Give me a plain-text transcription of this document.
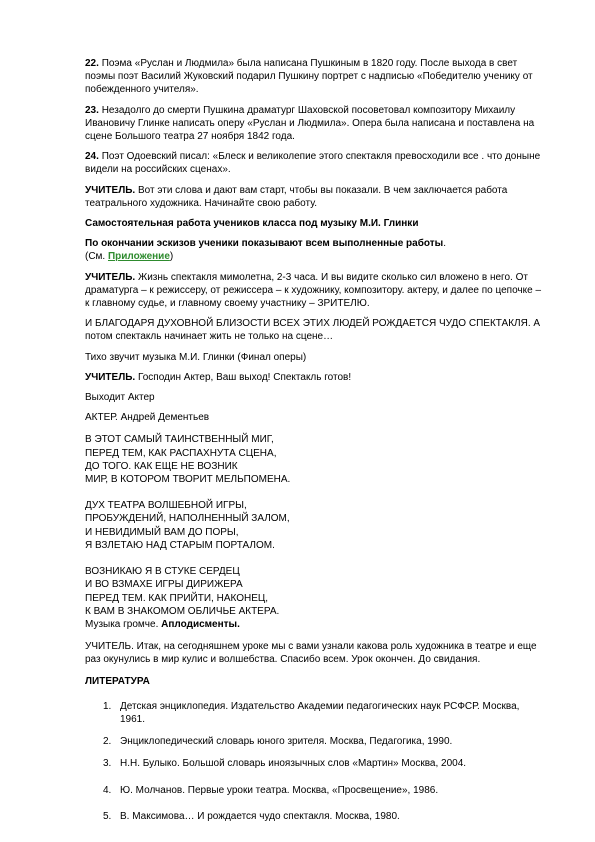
22. Поэма «Руслан и Людмила» была написана Пушкиным в 1820 году. После выхода в свет поэмы поэт Василий Жуковский подарил Пушкину портрет с надписью «Победителю ученику от побежденного учителя».

23. Незадолго до смерти Пушкина драматург Шаховской посоветовал композитору Михаилу Ивановичу Глинке написать оперу «Руслан и Людмила». Опера была написана и поставлена на сцене Большого театра 27 ноября 1842 года.

24. Поэт Одоевский писал: «Блеск и великолепие этого спектакля превосходили все . что доныне видели на российских сценах».

УЧИТЕЛЬ. Вот эти слова и дают вам старт, чтобы вы показали. В чем заключается работа театрального художника. Начинайте свою работу.

Самостоятельная работа учеников класса под музыку М.И. Глинки

По окончании эскизов ученики показывают всем выполненные работы.

(См. Приложение)

УЧИТЕЛЬ. Жизнь спектакля мимолетна, 2-3 часа. И вы видите сколько сил вложено в него. От драматурга – к режиссеру, от режиссера – к художнику, композитору. актеру, и далее по цепочке – к главному судье, и главному своему участнику – ЗРИТЕЛЮ.

И БЛАГОДАРЯ ДУХОВНОЙ БЛИЗОСТИ ВСЕХ ЭТИХ ЛЮДЕЙ РОЖДАЕТСЯ ЧУДО СПЕКТАКЛЯ. А потом спектакль начинает жить не только на сцене…

Тихо звучит музыка М.И. Глинки (Финал оперы)

УЧИТЕЛЬ. Господин Актер, Ваш выход! Спектакль готов!

Выходит Актер

АКТЕР. Андрей Дементьев

В ЭТОТ САМЫЙ ТАИНСТВЕННЫЙ МИГ,
ПЕРЕД ТЕМ, КАК РАСПАХНУТА СЦЕНА,
ДО ТОГО. КАК ЕЩЕ НЕ ВОЗНИК
МИР, В КОТОРОМ ТВОРИТ МЕЛЬПОМЕНА.
ДУХ ТЕАТРА ВОЛШЕБНОЙ ИГРЫ,
ПРОБУЖДЕНИЙ, НАПОЛНЕННЫЙ ЗАЛОМ,
И НЕВИДИМЫЙ ВАМ ДО ПОРЫ,
Я ВЗЛЕТАЮ НАД СТАРЫМ ПОРТАЛОМ.
ВОЗНИКАЮ Я В СТУКЕ СЕРДЕЦ
И ВО ВЗМАХЕ ИГРЫ ДИРИЖЕРА
ПЕРЕД ТЕМ. КАК ПРИЙТИ, НАКОНЕЦ,
К ВАМ В ЗНАКОМОМ ОБЛИЧЬЕ АКТЕРА.
Музыка громче. Аплодисменты.

УЧИТЕЛЬ. Итак, на сегодняшнем уроке мы с вами узнали какова роль художника в театре и еще раз окунулись в мир кулис и волшебства. Спасибо всем. Урок окончен. До свидания.

ЛИТЕРАТУРА
1. Детская энциклопедия. Издательство Академии педагогических наук РСФСР. Москва, 1961.
2. Энциклопедический словарь юного зрителя. Москва, Педагогика, 1990.
3. Н.Н. Булыко. Большой словарь иноязычных слов «Мартин» Москва, 2004.
4. Ю. Молчанов. Первые уроки театра. Москва, «Просвещение», 1986.
5. В. Максимова… И рождается чудо спектакля. Москва, 1980.
